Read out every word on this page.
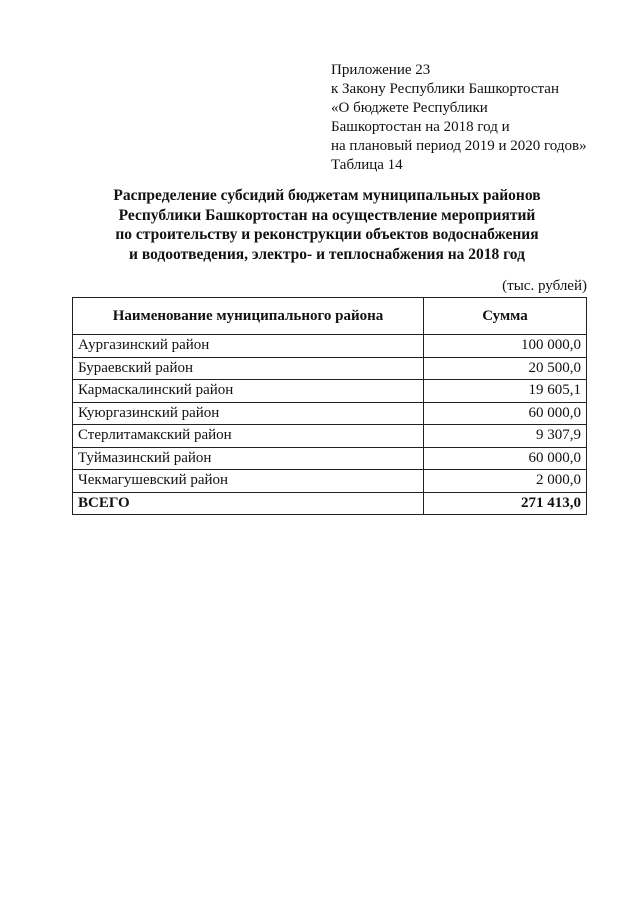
Приложение 23
к Закону Республики Башкортостан
«О бюджете Республики
Башкортостан на 2018 год и
на плановый период 2019 и 2020 годов»
Таблица 14
Распределение субсидий бюджетам муниципальных районов
Республики Башкортостан на осуществление мероприятий
по строительству и реконструкции объектов водоснабжения
и водоотведения, электро- и теплоснабжения на 2018 год
(тыс. рублей)
Наименование муниципального района	Сумма
Аургазинский район	100 000,0
Бураевский район	20 500,0
Кармаскалинский район	19 605,1
Куюргазинский район	60 000,0
Стерлитамакский район	9 307,9
Туймазинский район	60 000,0
Чекмагушевский район	2 000,0
ВСЕГО	271 413,0
